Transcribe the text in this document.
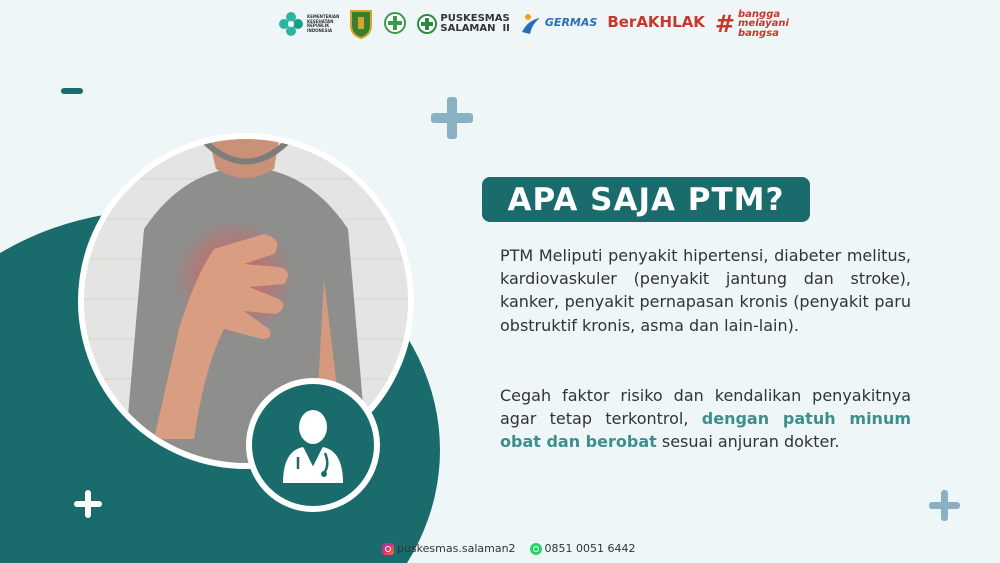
KEMENTERIAN
KESEHATAN
REPUBLIK
INDONESIA
PUSKESMAS
SALAMAN  II	GERMAS
BerAKHLAK
# bangga
melayani
bangsa
APA SAJA PTM?

PTM Meliputi penyakit hipertensi, diabeter melitus, kardiovaskuler (penyakit jantung dan stroke), kanker, penyakit pernapasan kronis (penyakit paru obstruktif kronis, asma dan lain-lain).

Cegah faktor risiko dan kendalikan penyakitnya agar tetap terkontrol, dengan patuh minum obat dan berobat sesuai anjuran dokter.

puskesmas.salaman2	0851 0051 6442
